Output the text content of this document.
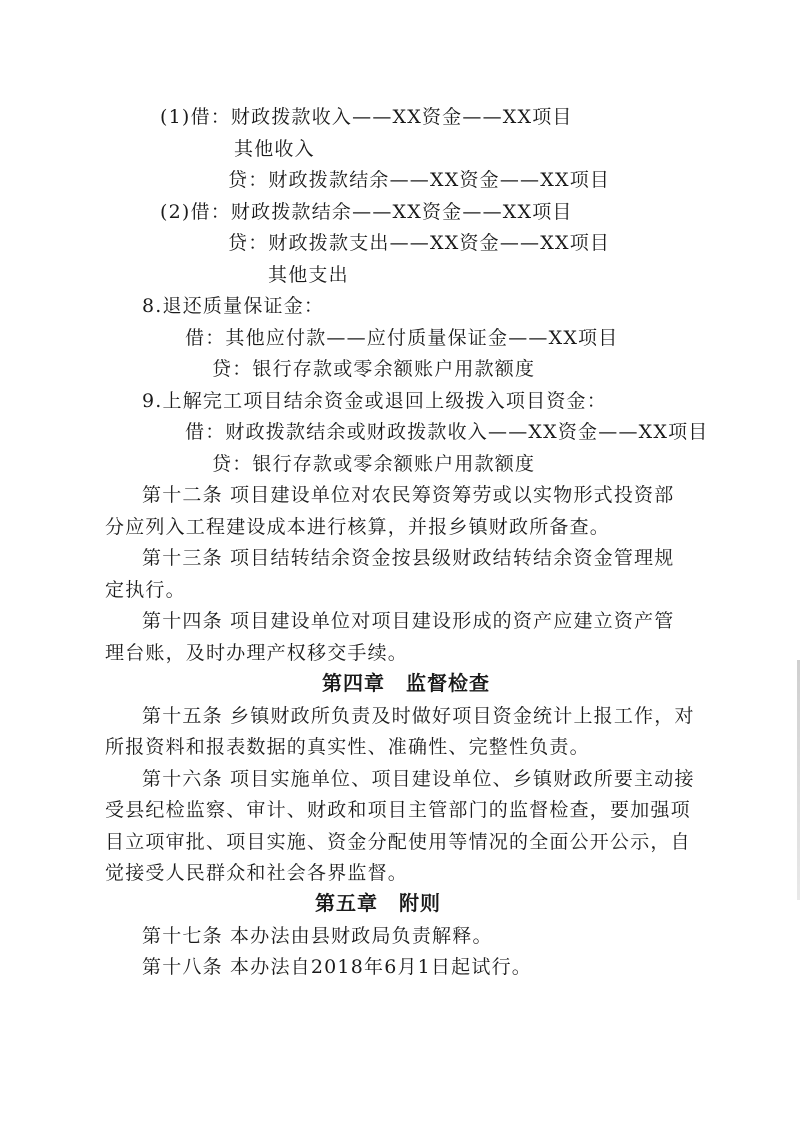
(1)借：财政拨款收入——XX资金——XX项目
其他收入
贷：财政拨款结余——XX资金——XX项目
(2)借：财政拨款结余——XX资金——XX项目
贷：财政拨款支出——XX资金——XX项目
其他支出
8.退还质量保证金：
借：其他应付款——应付质量保证金——XX项目
贷：银行存款或零余额账户用款额度
9.上解完工项目结余资金或退回上级拨入项目资金：
借：财政拨款结余或财政拨款收入——XX资金——XX项目
贷：银行存款或零余额账户用款额度
第十二条 项目建设单位对农民筹资筹劳或以实物形式投资部
分应列入工程建设成本进行核算，并报乡镇财政所备查。
第十三条 项目结转结余资金按县级财政结转结余资金管理规
定执行。
第十四条 项目建设单位对项目建设形成的资产应建立资产管
理台账，及时办理产权移交手续。
第四章　监督检查
第十五条 乡镇财政所负责及时做好项目资金统计上报工作，对
所报资料和报表数据的真实性、准确性、完整性负责。
第十六条 项目实施单位、项目建设单位、乡镇财政所要主动接
受县纪检监察、审计、财政和项目主管部门的监督检查，要加强项
目立项审批、项目实施、资金分配使用等情况的全面公开公示，自
觉接受人民群众和社会各界监督。
第五章　附则
第十七条 本办法由县财政局负责解释。
第十八条 本办法自2018年6月1日起试行。
